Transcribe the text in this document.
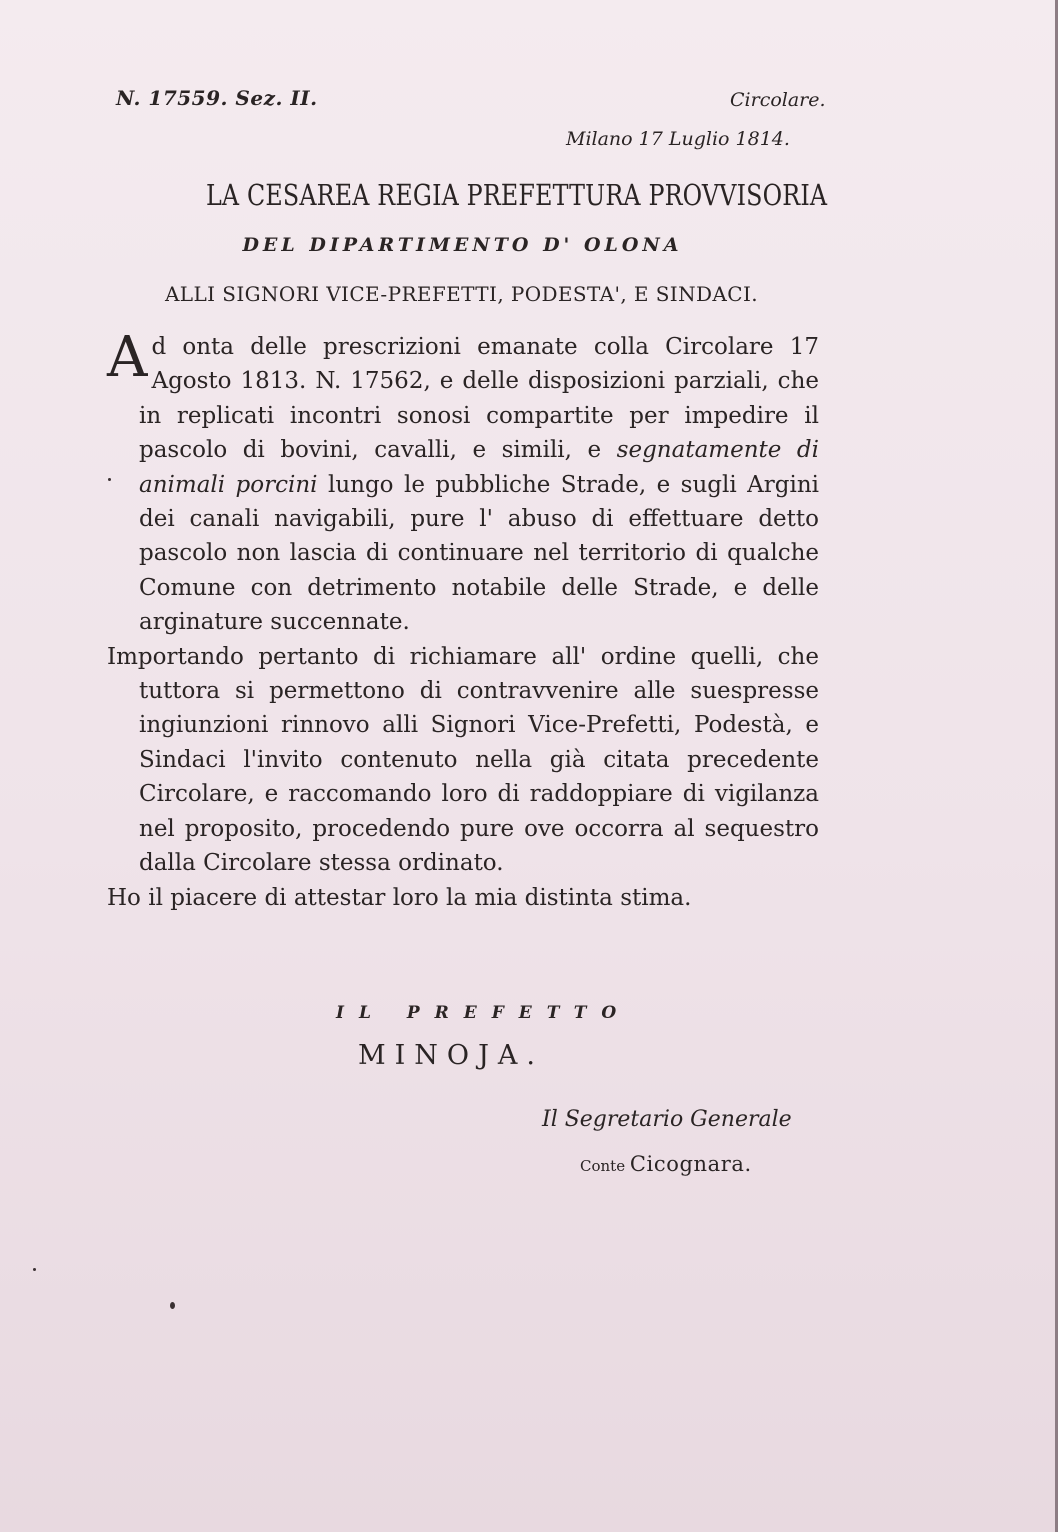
N. 17559. Sez. II.	Circolare.

Milano 17 Luglio 1814.

LA CESAREA REGIA PREFETTURA PROVVISORIA

DEL DIPARTIMENTO D' OLONA

ALLI SIGNORI VICE-PREFETTI, PODESTA', E SINDACI.

Ad onta delle prescrizioni emanate colla Circolare 17 Agosto 1813. N. 17562, e delle disposizioni parziali, che in replicati incontri sonosi compartite per impedire il pascolo di bovini, cavalli, e simili, e segnatamente di animali porcini lungo le pubbliche Strade, e sugli Argini dei canali navigabili, pure l' abuso di effettuare detto pascolo non lascia di continuare nel territorio di qualche Comune con detrimento notabile delle Strade, e delle arginature succennate.

Importando pertanto di richiamare all' ordine quelli, che tuttora si permettono di contravvenire alle suespresse ingiunzioni rinnovo alli Signori Vice-Prefetti, Podestà, e Sindaci l'invito contenuto nella già citata precedente Circolare, e raccomando loro di raddoppiare di vigilanza nel proposito, procedendo pure ove occorra al sequestro dalla Circolare stessa ordinato.

Ho il piacere di attestar loro la mia distinta stima.

IL PREFETTO

MINOJA.

Il Segretario Generale

Conte Cicognara.
